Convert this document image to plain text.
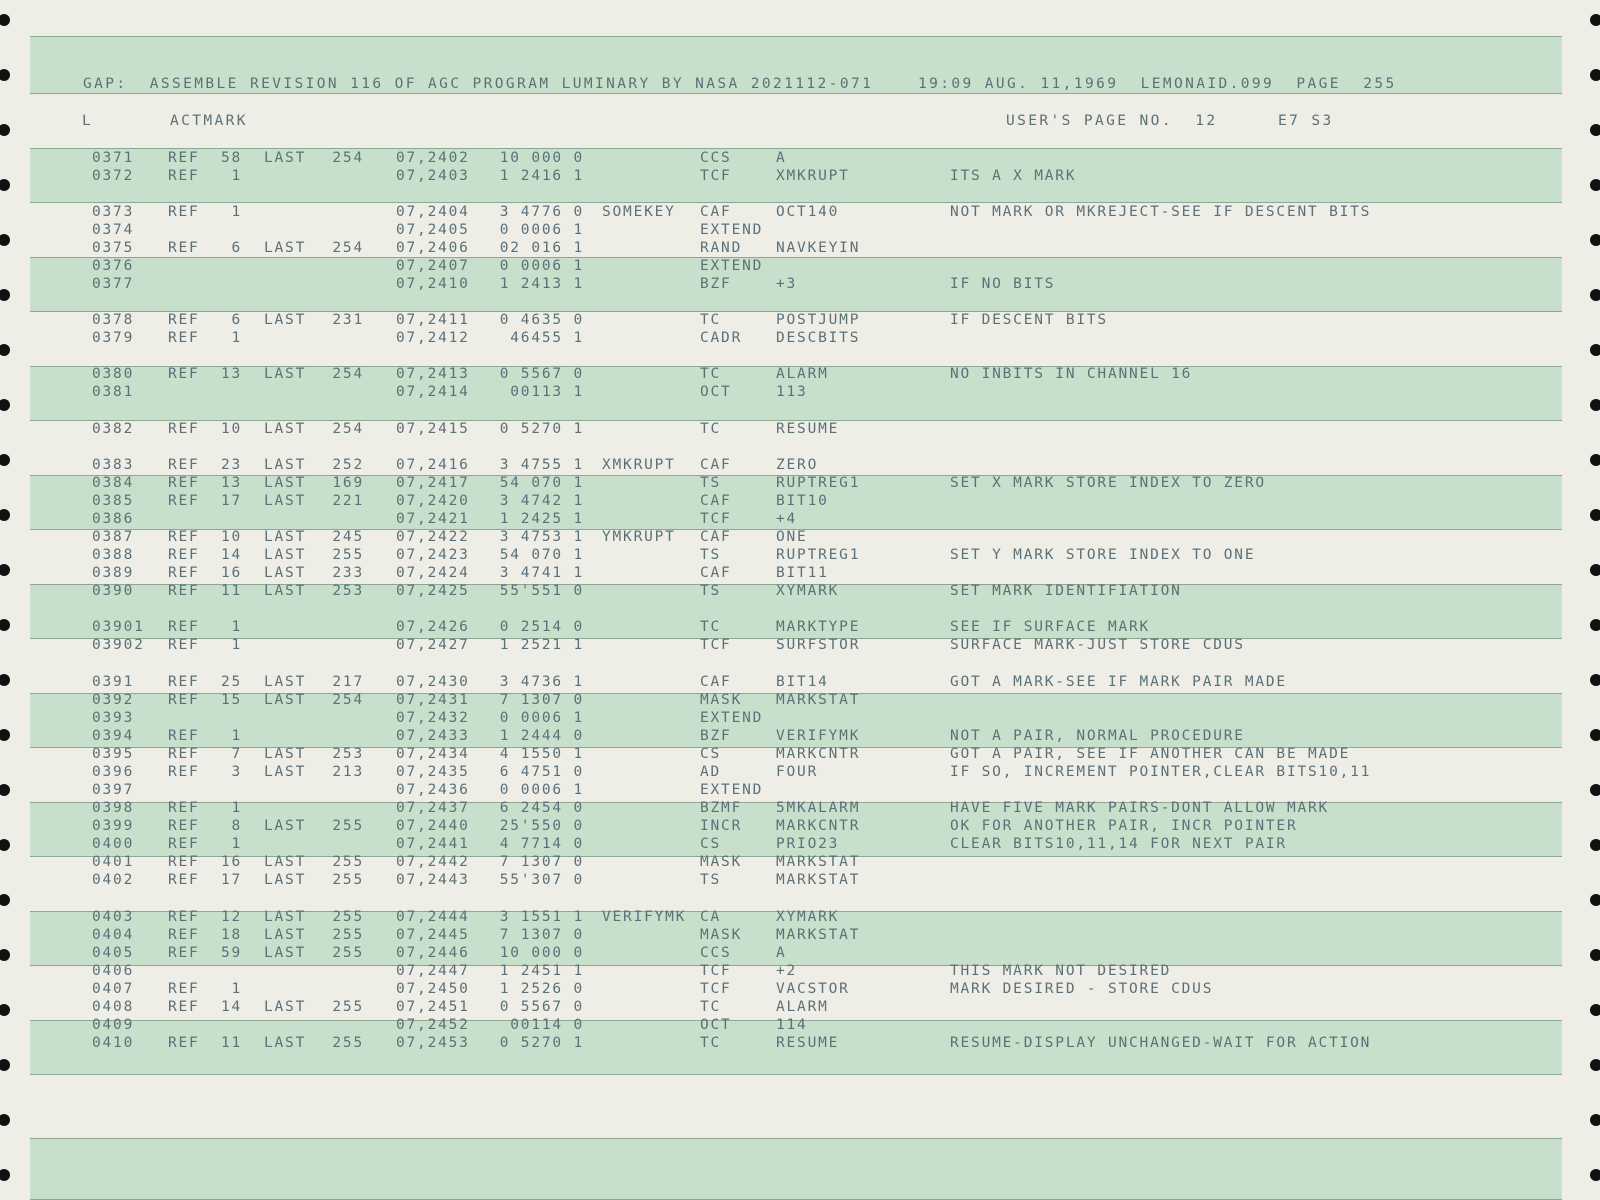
GAP:  ASSEMBLE REVISION 116 OF AGC PROGRAM LUMINARY BY NASA 2021112-071	19:09 AUG. 11,1969  LEMONAID.099  PAGE  255
L	ACTMARK	USER'S PAGE NO.  12	E7 S3
0371 REF	58 LAST	254 07,2402	10 000 0	CCS	A
0372 REF	1	07,2403	1 2416 1	TCF	XMKRUPT	ITS A X MARK
0373 REF	1	07,2404	3 4776 0 SOMEKEY CAF	OCT140	NOT MARK OR MKREJECT-SEE IF DESCENT BITS
0374	07,2405	0 0006 1	EXTEND
0375 REF	6 LAST	254 07,2406	02 016 1	RAND NAVKEYIN
0376	07,2407	0 0006 1	EXTEND
0377	07,2410	1 2413 1	BZF	+3	IF NO BITS
0378 REF	6 LAST	231 07,2411	0 4635 0	TC	POSTJUMP	IF DESCENT BITS
0379 REF	1	07,2412	46455 1	CADR DESCBITS
0380 REF	13 LAST	254 07,2413	0 5567 0	TC	ALARM	NO INBITS IN CHANNEL 16
0381	07,2414	00113 1	OCT	113
0382 REF	10 LAST	254 07,2415	0 5270 1	TC	RESUME
0383 REF	23 LAST	252 07,2416	3 4755 1 XMKRUPT CAF	ZERO
0384 REF	13 LAST	169 07,2417	54 070 1	TS	RUPTREG1	SET X MARK STORE INDEX TO ZERO
0385 REF	17 LAST	221 07,2420	3 4742 1	CAF	BIT10
0386	07,2421	1 2425 1	TCF	+4
0387 REF	10 LAST	245 07,2422	3 4753 1 YMKRUPT CAF	ONE
0388 REF	14 LAST	255 07,2423	54 070 1	TS	RUPTREG1	SET Y MARK STORE INDEX TO ONE
0389 REF	16 LAST	233 07,2424	3 4741 1	CAF	BIT11
0390 REF	11 LAST	253 07,2425	55'551 0	TS	XYMARK	SET MARK IDENTIFIATION
03901 REF	1	07,2426	0 2514 0	TC	MARKTYPE	SEE IF SURFACE MARK
03902 REF	1	07,2427	1 2521 1	TCF	SURFSTOR	SURFACE MARK-JUST STORE CDUS
0391 REF	25 LAST	217 07,2430	3 4736 1	CAF	BIT14	GOT A MARK-SEE IF MARK PAIR MADE
0392 REF	15 LAST	254 07,2431	7 1307 0	MASK MARKSTAT
0393	07,2432	0 0006 1	EXTEND
0394 REF	1	07,2433	1 2444 0	BZF	VERIFYMK	NOT A PAIR, NORMAL PROCEDURE
0395 REF	7 LAST	253 07,2434	4 1550 1	CS	MARKCNTR	GOT A PAIR, SEE IF ANOTHER CAN BE MADE
0396 REF	3 LAST	213 07,2435	6 4751 0	AD	FOUR	IF SO, INCREMENT POINTER,CLEAR BITS10,11
0397	07,2436	0 0006 1	EXTEND
0398 REF	1	07,2437	6 2454 0	BZMF 5MKALARM	HAVE FIVE MARK PAIRS-DONT ALLOW MARK
0399 REF	8 LAST	255 07,2440	25'550 0	INCR MARKCNTR	OK FOR ANOTHER PAIR, INCR POINTER
0400 REF	1	07,2441	4 7714 0	CS	PRIO23	CLEAR BITS10,11,14 FOR NEXT PAIR
0401 REF	16 LAST	255 07,2442	7 1307 0	MASK MARKSTAT
0402 REF	17 LAST	255 07,2443	55'307 0	TS	MARKSTAT
0403 REF	12 LAST	255 07,2444	3 1551 1 VERIFYMK CA	XYMARK
0404 REF	18 LAST	255 07,2445	7 1307 0	MASK MARKSTAT
0405 REF	59 LAST	255 07,2446	10 000 0	CCS	A
0406	07,2447	1 2451 1	TCF	+2	THIS MARK NOT DESIRED
0407 REF	1	07,2450	1 2526 0	TCF	VACSTOR	MARK DESIRED - STORE CDUS
0408 REF	14 LAST	255 07,2451	0 5567 0	TC	ALARM
0409	07,2452	00114 0	OCT	114
0410 REF	11 LAST	255 07,2453	0 5270 1	TC	RESUME	RESUME-DISPLAY UNCHANGED-WAIT FOR ACTION
